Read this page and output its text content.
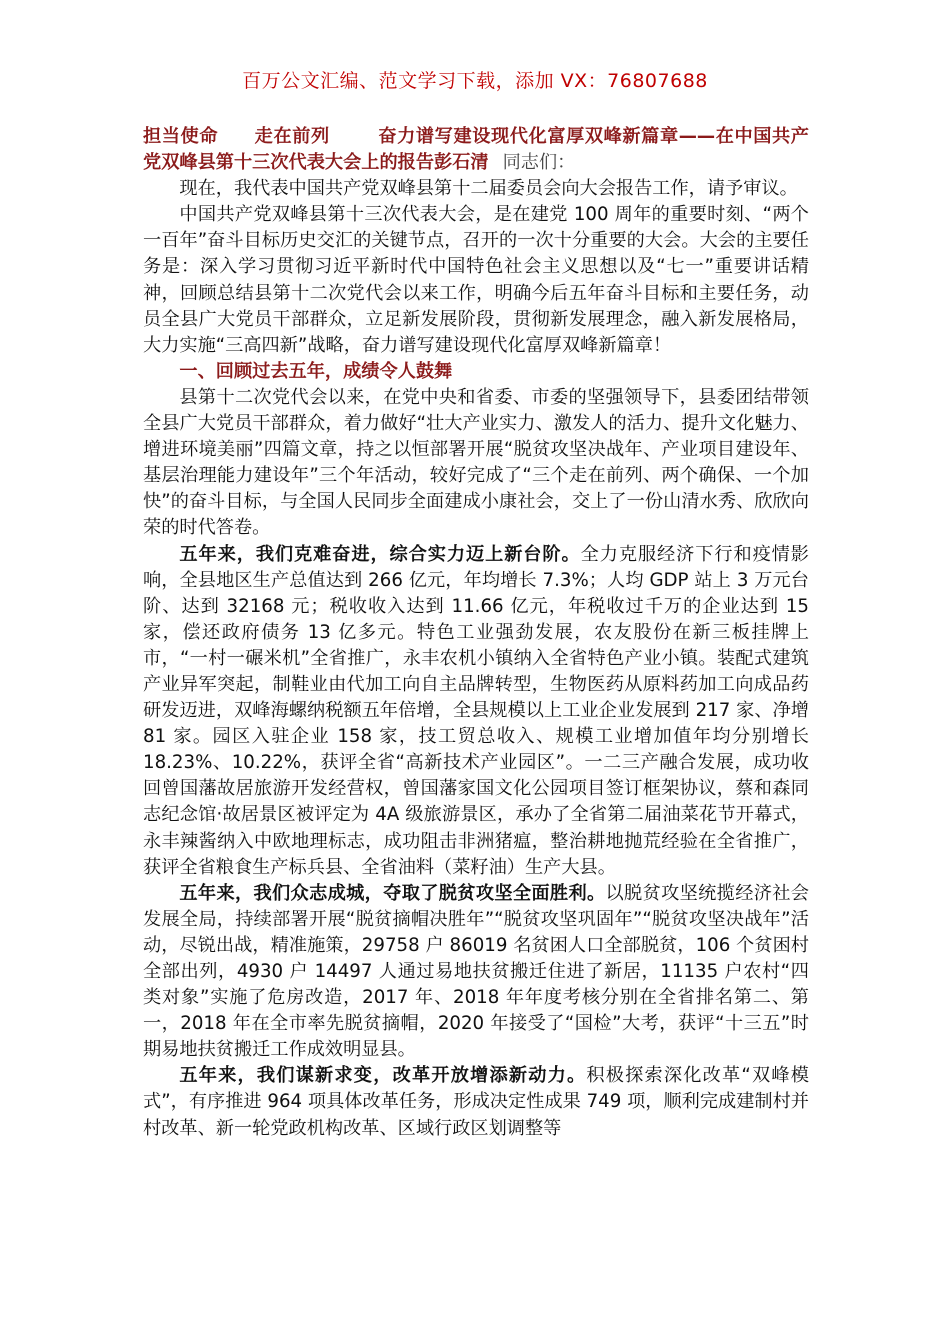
百万公文汇编、范文学习下载，添加 VX：76807688
担当使命 走在前列	奋力谱写建设现代化富厚双峰新篇章——在中国共产党双峰县第十三次代表大会上的报告彭石清 同志们：

现在，我代表中国共产党双峰县第十二届委员会向大会报告工作，请予审议。

中国共产党双峰县第十三次代表大会，是在建党 100 周年的重要时刻、“两个一百年”奋斗目标历史交汇的关键节点，召开的一次十分重要的大会。大会的主要任务是：深入学习贯彻习近平新时代中国特色社会主义思想以及“七一”重要讲话精神，回顾总结县第十二次党代会以来工作，明确今后五年奋斗目标和主要任务，动员全县广大党员干部群众，立足新发展阶段，贯彻新发展理念，融入新发展格局，大力实施“三高四新”战略，奋力谱写建设现代化富厚双峰新篇章！

一、回顾过去五年，成绩令人鼓舞

县第十二次党代会以来，在党中央和省委、市委的坚强领导下，县委团结带领全县广大党员干部群众，着力做好“壮大产业实力、激发人的活力、提升文化魅力、增进环境美丽”四篇文章，持之以恒部署开展“脱贫攻坚决战年、产业项目建设年、基层治理能力建设年”三个年活动，较好完成了“三个走在前列、两个确保、一个加快”的奋斗目标，与全国人民同步全面建成小康社会，交上了一份山清水秀、欣欣向荣的时代答卷。

五年来，我们克难奋进，综合实力迈上新台阶。全力克服经济下行和疫情影响，全县地区生产总值达到 266 亿元，年均增长 7.3%；人均 GDP 站上 3 万元台阶、达到 32168 元；税收收入达到 11.66 亿元，年税收过千万的企业达到 15 家，偿还政府债务 13 亿多元。特色工业强劲发展，农友股份在新三板挂牌上市，“一村一碾米机”全省推广，永丰农机小镇纳入全省特色产业小镇。装配式建筑产业异军突起，制鞋业由代加工向自主品牌转型，生物医药从原料药加工向成品药研发迈进，双峰海螺纳税额五年倍增，全县规模以上工业企业发展到 217 家、净增 81 家。园区入驻企业 158 家，技工贸总收入、规模工业增加值年均分别增长 18.23%、10.22%，获评全省“高新技术产业园区”。一二三产融合发展，成功收回曾国藩故居旅游开发经营权，曾国藩家国文化公园项目签订框架协议，蔡和森同志纪念馆·故居景区被评定为 4A 级旅游景区，承办了全省第二届油菜花节开幕式，永丰辣酱纳入中欧地理标志，成功阻击非洲猪瘟，整治耕地抛荒经验在全省推广，获评全省粮食生产标兵县、全省油料（菜籽油）生产大县。

五年来，我们众志成城，夺取了脱贫攻坚全面胜利。以脱贫攻坚统揽经济社会发展全局，持续部署开展“脱贫摘帽决胜年”“脱贫攻坚巩固年”“脱贫攻坚决战年”活动，尽锐出战，精准施策，29758 户 86019 名贫困人口全部脱贫，106 个贫困村全部出列，4930 户 14497 人通过易地扶贫搬迁住进了新居，11135 户农村“四类对象”实施了危房改造，2017 年、2018 年年度考核分别在全省排名第二、第一，2018 年在全市率先脱贫摘帽，2020 年接受了“国检”大考，获评“十三五”时期易地扶贫搬迁工作成效明显县。

五年来，我们谋新求变，改革开放增添新动力。积极探索深化改革“双峰模式”，有序推进 964 项具体改革任务，形成决定性成果 749 项，顺利完成建制村并村改革、新一轮党政机构改革、区域行政区划调整等
